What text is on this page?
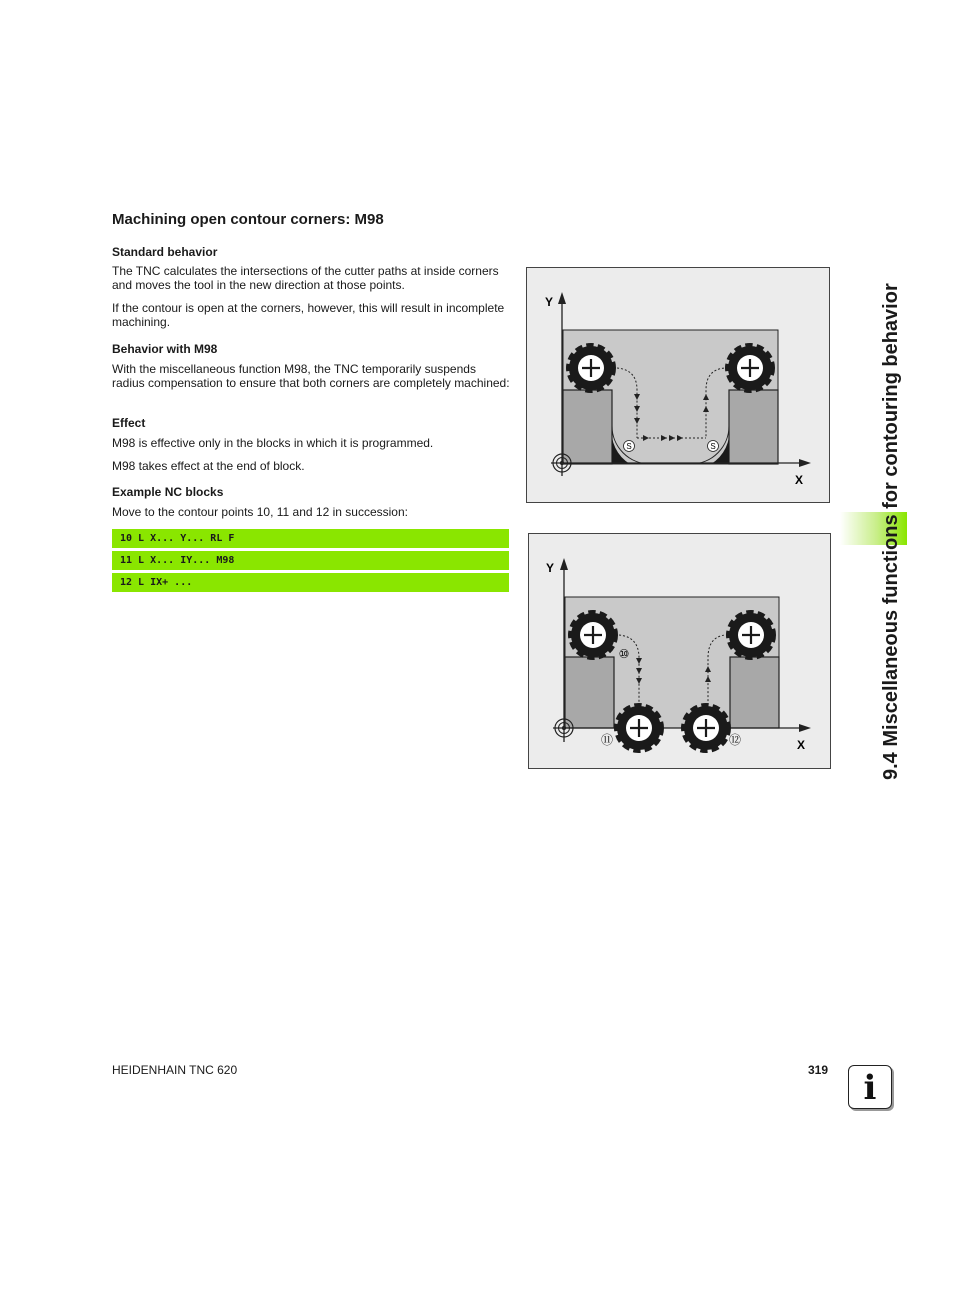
Machining open contour corners: M98
Standard behavior
The TNC calculates the intersections of the cutter paths at inside corners and moves the tool in the new direction at those points.
If the contour is open at the corners, however, this will result in incomplete machining.
Behavior with M98
With the miscellaneous function M98, the TNC temporarily suspends radius compensation to ensure that both corners are completely machined:
Effect
M98 is effective only in the blocks in which it is programmed.
M98 takes effect at the end of block.
Example NC blocks
Move to the contour points 10, 11 and 12 in succession:
10 L X... Y... RL F
11 L X... IY... M98
12 L IX+ ...
Y
X
S	S
Y
X
⑩
⑪	⑫	9.4 Miscellaneous functions for contouring behavior
HEIDENHAIN TNC 620	319	i
